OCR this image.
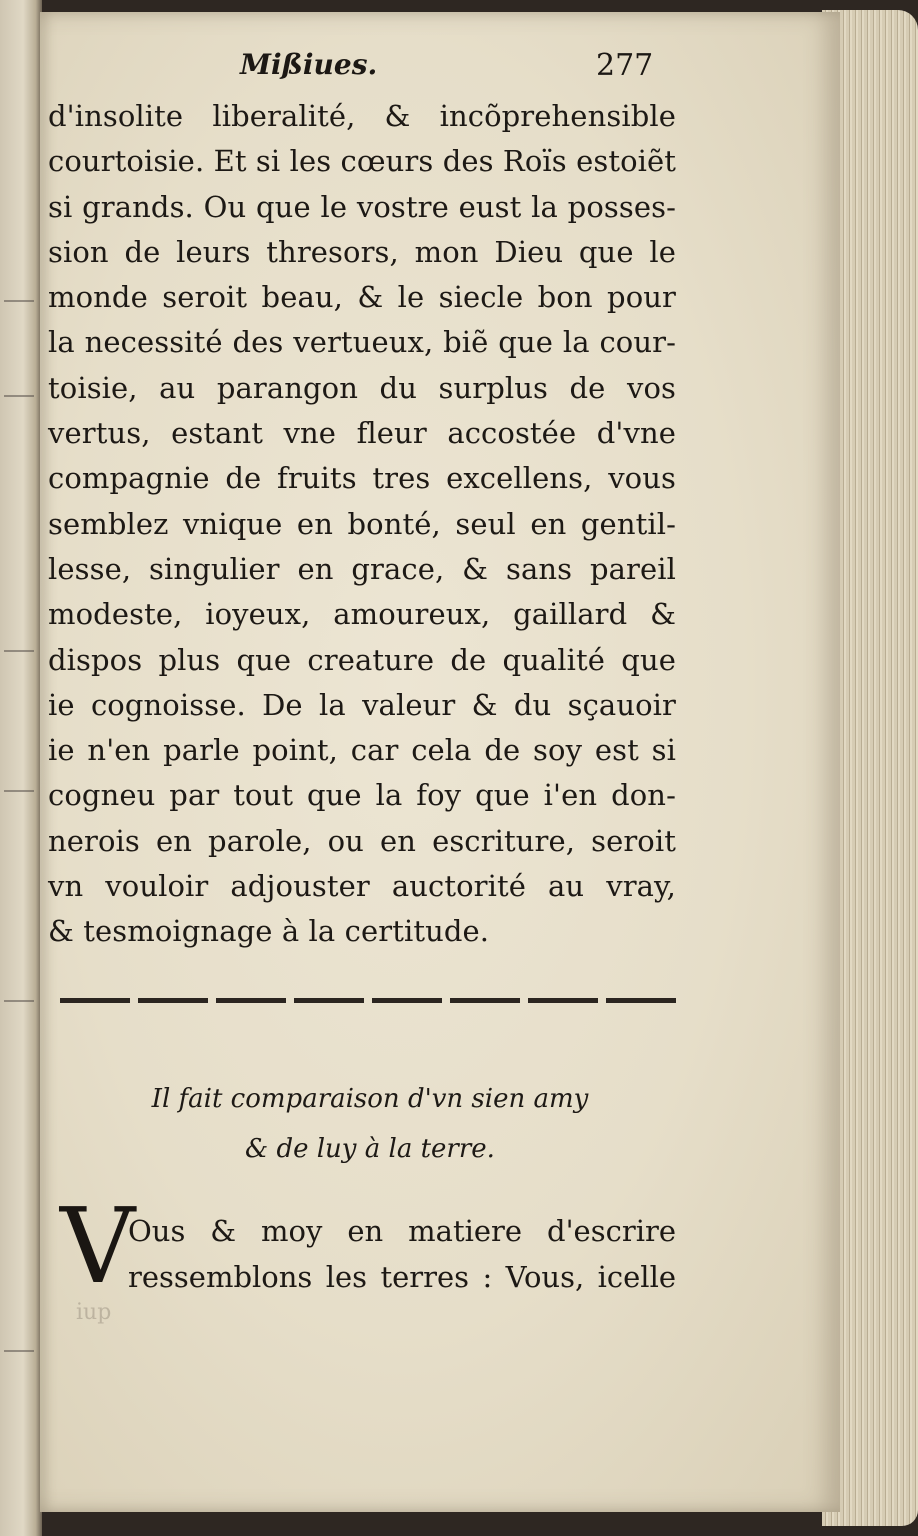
Mißiues.	277
d'insolite liberalité, & incõprehensible
courtoisie. Et si les cœurs des Roïs estoiẽt
si grands. Ou que le vostre eust la posses-
sion de leurs thresors, mon Dieu que le
monde seroit beau, & le siecle bon pour
la necessité des vertueux, biẽ que la cour-
toisie, au parangon du surplus de vos
vertus, estant vne fleur accostée d'vne
compagnie de fruits tres excellens, vous
semblez vnique en bonté, seul en gentil-
lesse, singulier en grace, & sans pareil
modeste, ioyeux, amoureux, gaillard &
dispos plus que creature de qualité que
ie cognoisse. De la valeur & du sçauoir
ie n'en parle point, car cela de soy est si
cogneu par tout que la foy que i'en don-
nerois en parole, ou en escriture, seroit
vn vouloir adjouster auctorité au vray,
& tesmoignage à la certitude.
Il fait comparaison d'vn sien amy
& de luy à la terre.
V
Ous & moy en matiere d'escrire
ressemblons les terres : Vous, icelle
iup
